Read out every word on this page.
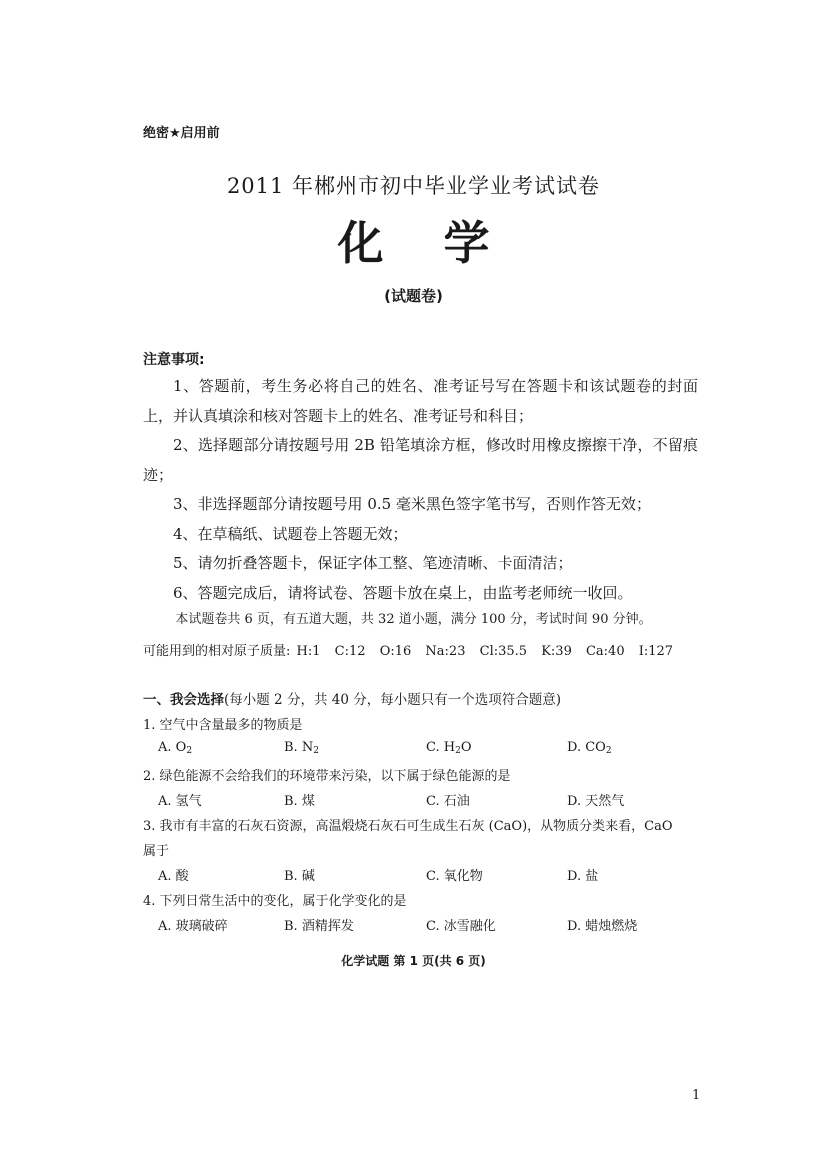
绝密★启用前
2011 年郴州市初中毕业学业考试试卷
化学
(试题卷)
注意事项:

1、答题前，考生务必将自己的姓名、准考证号写在答题卡和该试题卷的封面上，并认真填涂和核对答题卡上的姓名、准考证号和科目；

2、选择题部分请按题号用 2B 铅笔填涂方框，修改时用橡皮擦擦干净，不留痕迹；

3、非选择题部分请按题号用 0.5 毫米黑色签字笔书写，否则作答无效；

4、在草稿纸、试题卷上答题无效；

5、请勿折叠答题卡，保证字体工整、笔迹清晰、卡面清洁；

6、答题完成后，请将试卷、答题卡放在桌上，由监考老师统一收回。

本试题卷共 6 页，有五道大题，共 32 道小题，满分 100 分，考试时间 90 分钟。
可能用到的相对原子质量: H:1 C:12 O:16 Na:23 Cl:35.5 K:39 Ca:40 I:127
一、我会选择(每小题 2 分，共 40 分，每小题只有一个选项符合题意)
1. 空气中含量最多的物质是
A. $O_2$	B. $N_2$	C. $H_2O$	D. $CO_2$
2. 绿色能源不会给我们的环境带来污染，以下属于绿色能源的是
A. 氢气	B. 煤	C. 石油	D. 天然气
3. 我市有丰富的石灰石资源，高温煅烧石灰石可生成生石灰 (CaO)，从物质分类来看，CaO
属于
A. 酸	B. 碱	C. 氧化物	D. 盐
4. 下列日常生活中的变化，属于化学变化的是
A. 玻璃破碎	B. 酒精挥发	C. 冰雪融化	D. 蜡烛燃烧
化学试题 第 1 页(共 6 页)
1
